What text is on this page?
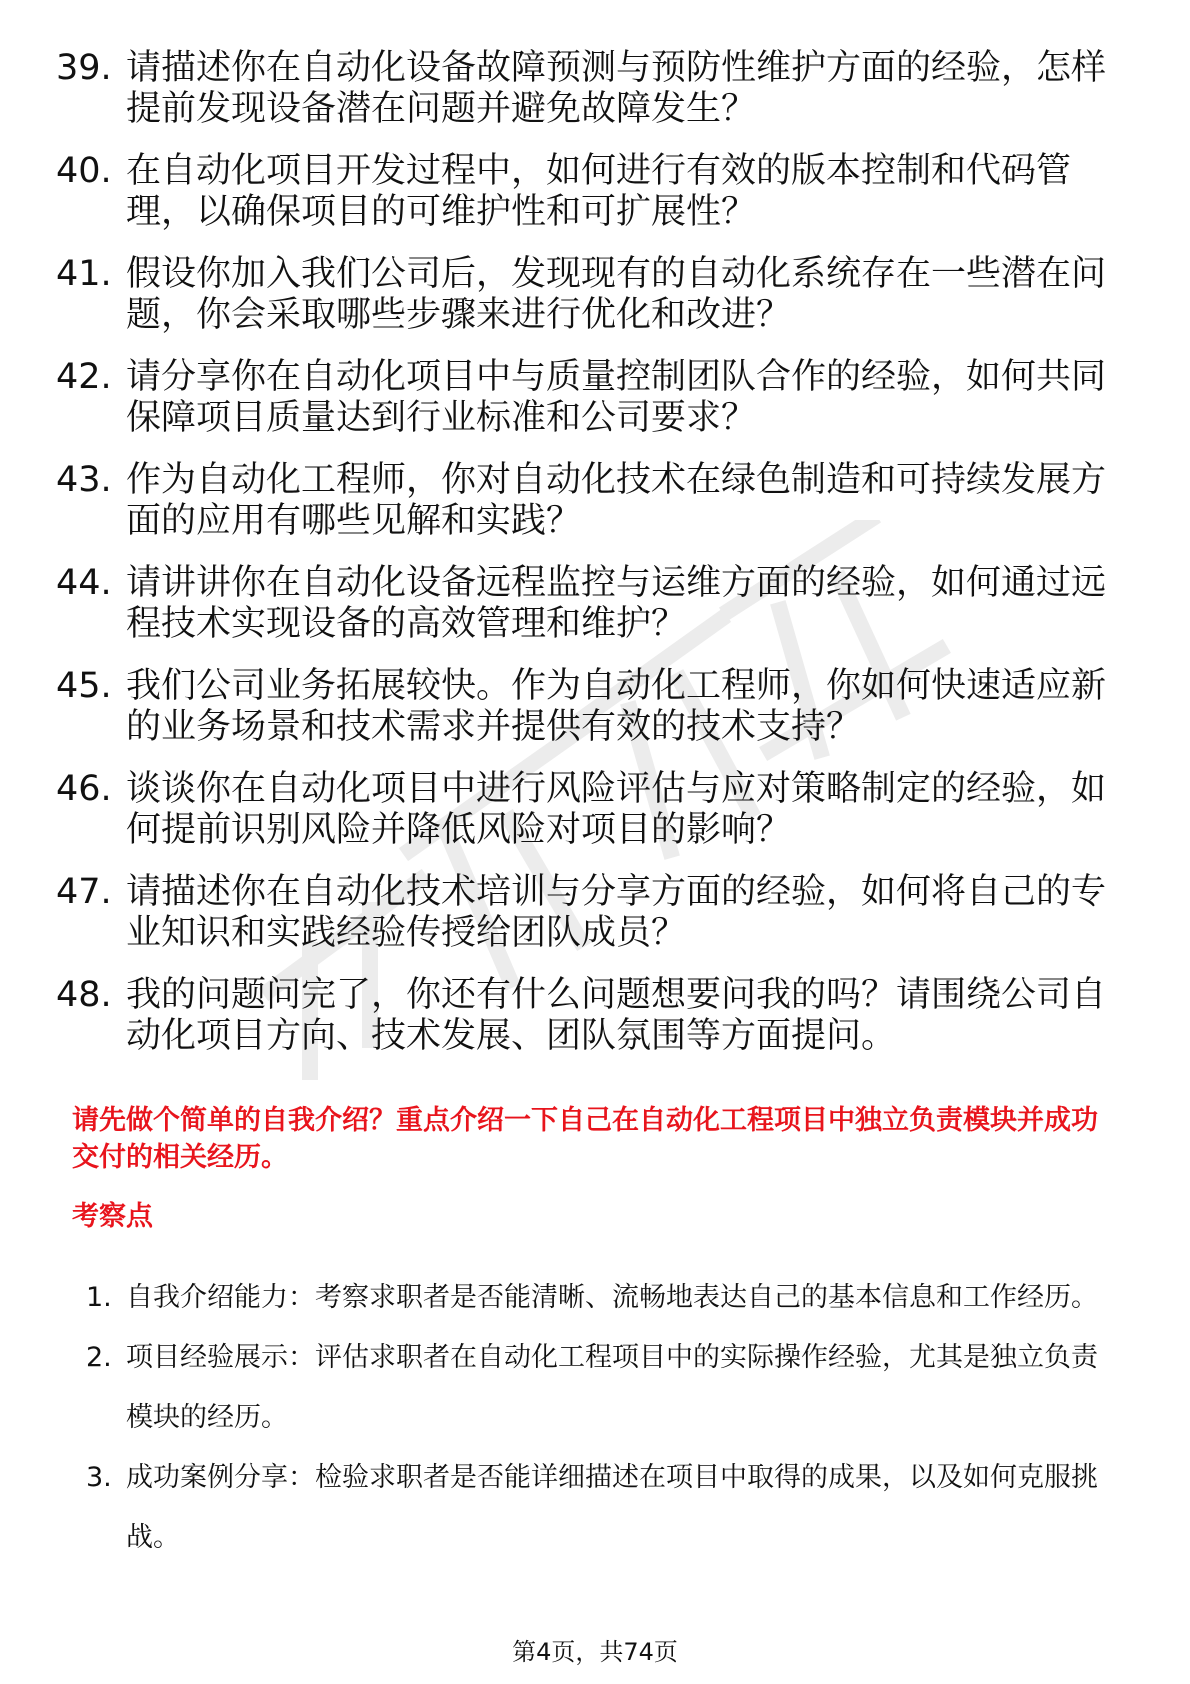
39. 请描述你在自动化设备故障预测与预防性维护方面的经验，怎样提前发现设备潜在问题并避免故障发生？
40. 在自动化项目开发过程中，如何进行有效的版本控制和代码管理，以确保项目的可维护性和可扩展性？
41. 假设你加入我们公司后，发现现有的自动化系统存在一些潜在问题，你会采取哪些步骤来进行优化和改进？
42. 请分享你在自动化项目中与质量控制团队合作的经验，如何共同保障项目质量达到行业标准和公司要求？
43. 作为自动化工程师，你对自动化技术在绿色制造和可持续发展方面的应用有哪些见解和实践？
44. 请讲讲你在自动化设备远程监控与运维方面的经验，如何通过远程技术实现设备的高效管理和维护？
45. 我们公司业务拓展较快。作为自动化工程师，你如何快速适应新的业务场景和技术需求并提供有效的技术支持？
46. 谈谈你在自动化项目中进行风险评估与应对策略制定的经验，如何提前识别风险并降低风险对项目的影响？
47. 请描述你在自动化技术培训与分享方面的经验，如何将自己的专业知识和实践经验传授给团队成员？
48. 我的问题问完了，你还有什么问题想要问我的吗？请围绕公司自动化项目方向、技术发展、团队氛围等方面提问。
请先做个简单的自我介绍？重点介绍一下自己在自动化工程项目中独立负责模块并成功交付的相关经历。
考察点
1. 自我介绍能力：考察求职者是否能清晰、流畅地表达自己的基本信息和工作经历。
2. 项目经验展示：评估求职者在自动化工程项目中的实际操作经验，尤其是独立负责模块的经历。
3. 成功案例分享：检验求职者是否能详细描述在项目中取得的成果，以及如何克服挑战。
第4页，共74页
